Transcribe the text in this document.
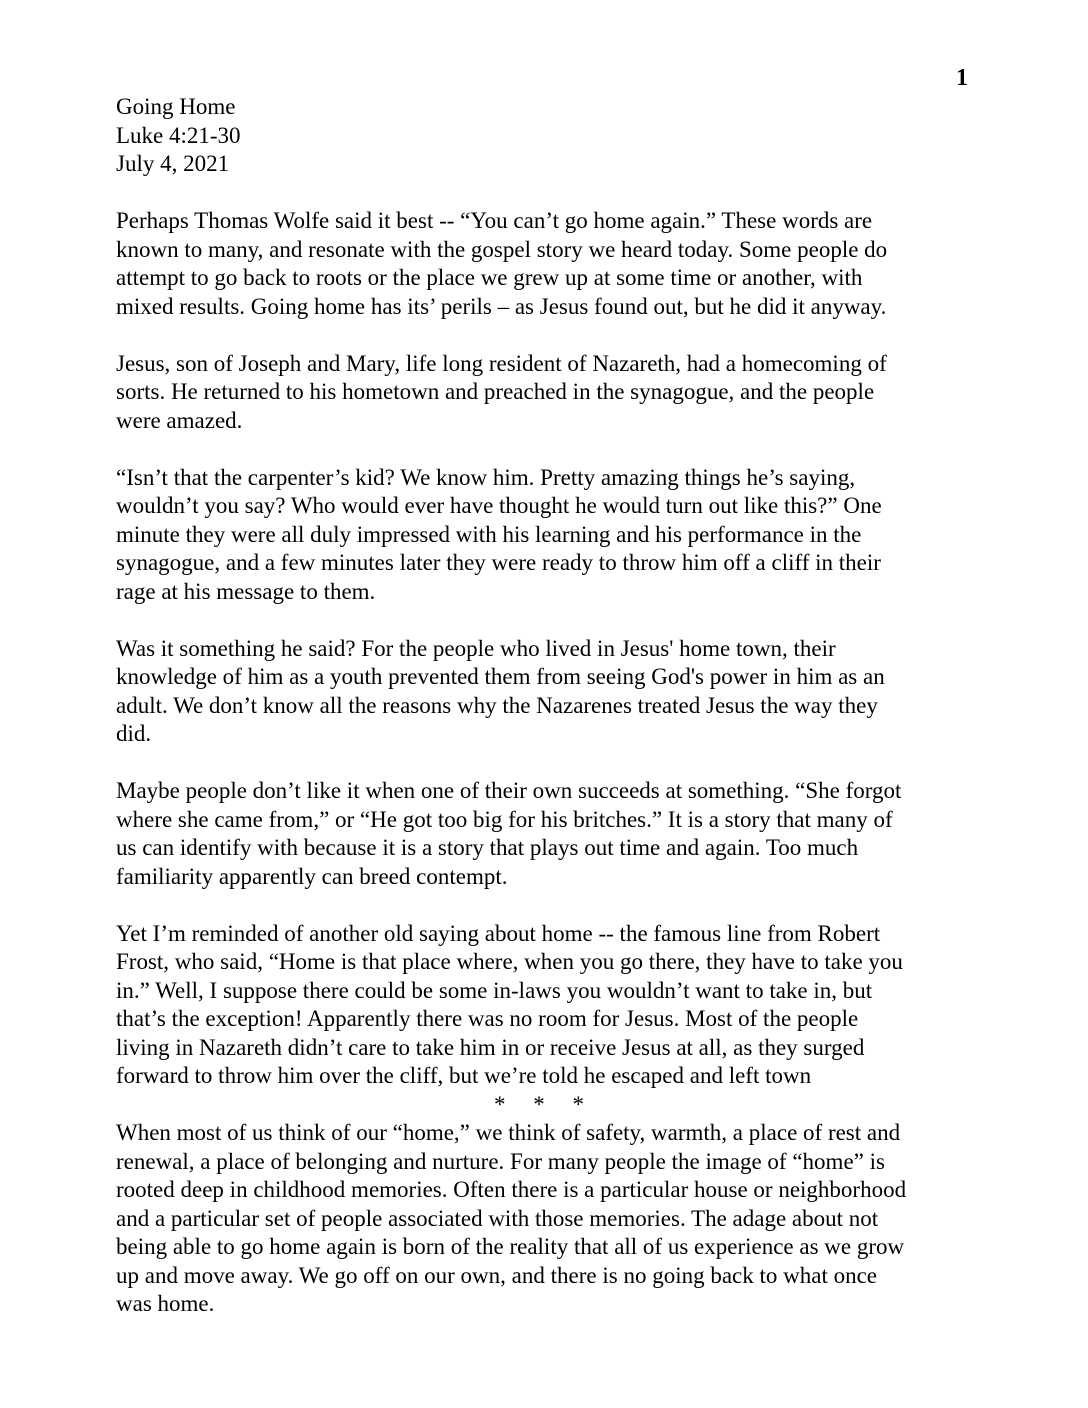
1

Going Home

Luke 4:21-30

July 4, 2021

Perhaps Thomas Wolfe said it best -- “You can’t go home again.” These words are
known to many, and resonate with the gospel story we heard today. Some people do
attempt to go back to roots or the place we grew up at some time or another, with
mixed results. Going home has its’ perils – as Jesus found out, but he did it anyway.
Jesus, son of Joseph and Mary, life long resident of Nazareth, had a homecoming of
sorts. He returned to his hometown and preached in the synagogue, and the people
were amazed.
“Isn’t that the carpenter’s kid? We know him. Pretty amazing things he’s saying,
wouldn’t you say? Who would ever have thought he would turn out like this?” One
minute they were all duly impressed with his learning and his performance in the
synagogue, and a few minutes later they were ready to throw him off a cliff in their
rage at his message to them.
Was it something he said? For the people who lived in Jesus' home town, their
knowledge of him as a youth prevented them from seeing God's power in him as an
adult. We don’t know all the reasons why the Nazarenes treated Jesus the way they
did.
Maybe people don’t like it when one of their own succeeds at something. “She forgot
where she came from,” or “He got too big for his britches.” It is a story that many of
us can identify with because it is a story that plays out time and again. Too much
familiarity apparently can breed contempt.
Yet I’m reminded of another old saying about home -- the famous line from Robert
Frost, who said, “Home is that place where, when you go there, they have to take you
in.” Well, I suppose there could be some in-laws you wouldn’t want to take in, but
that’s the exception! Apparently there was no room for Jesus. Most of the people
living in Nazareth didn’t care to take him in or receive Jesus at all, as they surged
forward to throw him over the cliff, but we’re told he escaped and left town
* * *
When most of us think of our “home,” we think of safety, warmth, a place of rest and
renewal, a place of belonging and nurture. For many people the image of “home” is
rooted deep in childhood memories. Often there is a particular house or neighborhood
and a particular set of people associated with those memories. The adage about not
being able to go home again is born of the reality that all of us experience as we grow
up and move away. We go off on our own, and there is no going back to what once
was home.
